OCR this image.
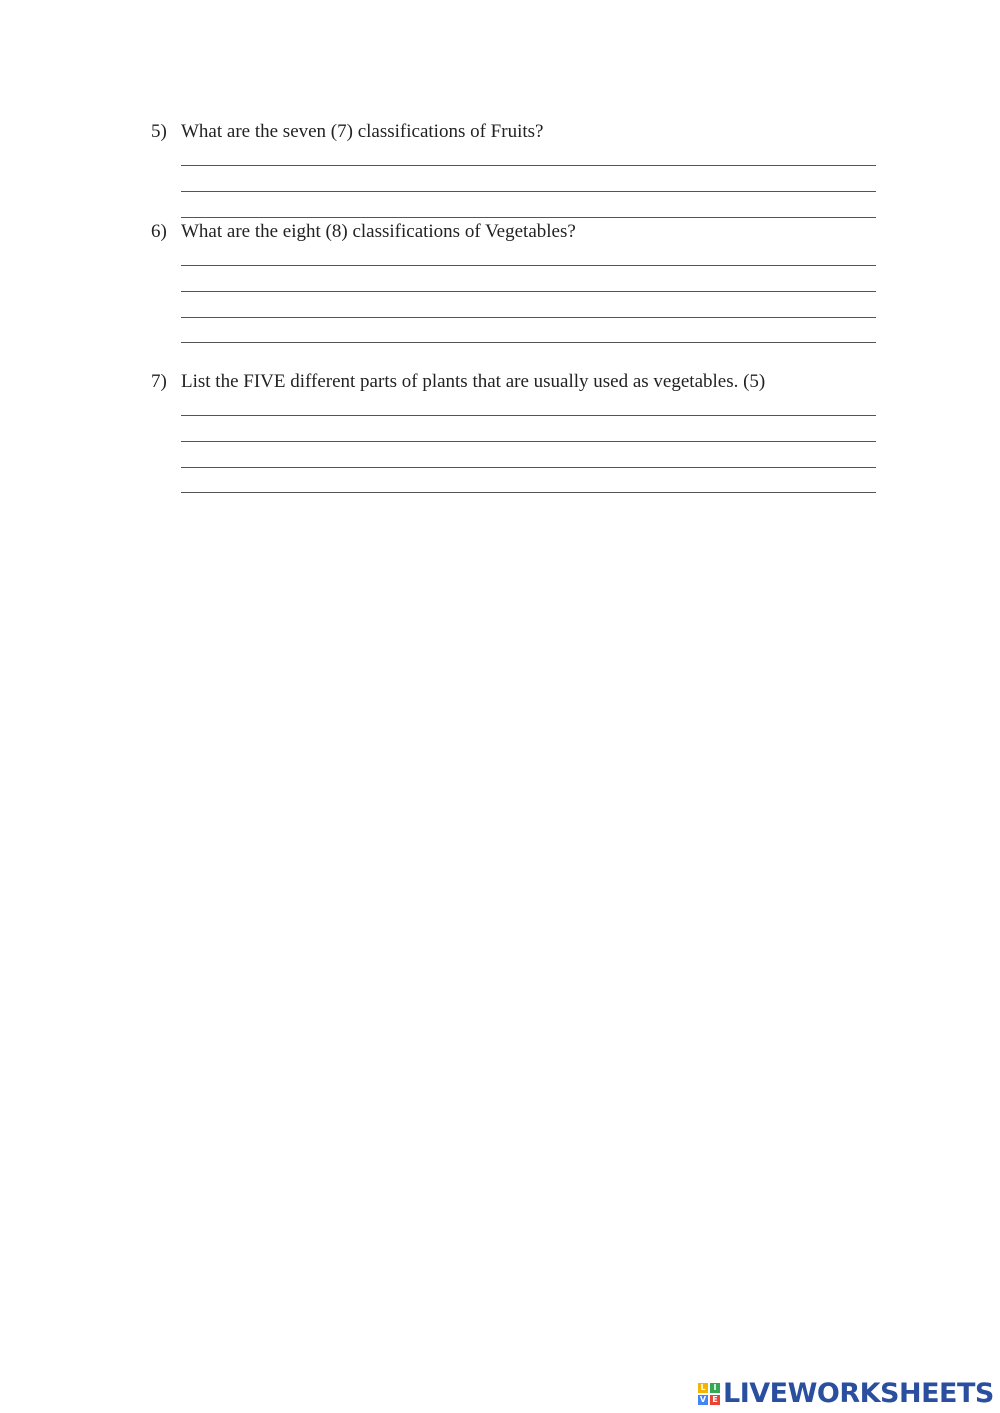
5) What are the seven (7) classifications of Fruits?
6) What are the eight (8) classifications of Vegetables?
7) List the FIVE different parts of plants that are usually used as vegetables. (5)
L I
V E LIVEWORKSHEETS
